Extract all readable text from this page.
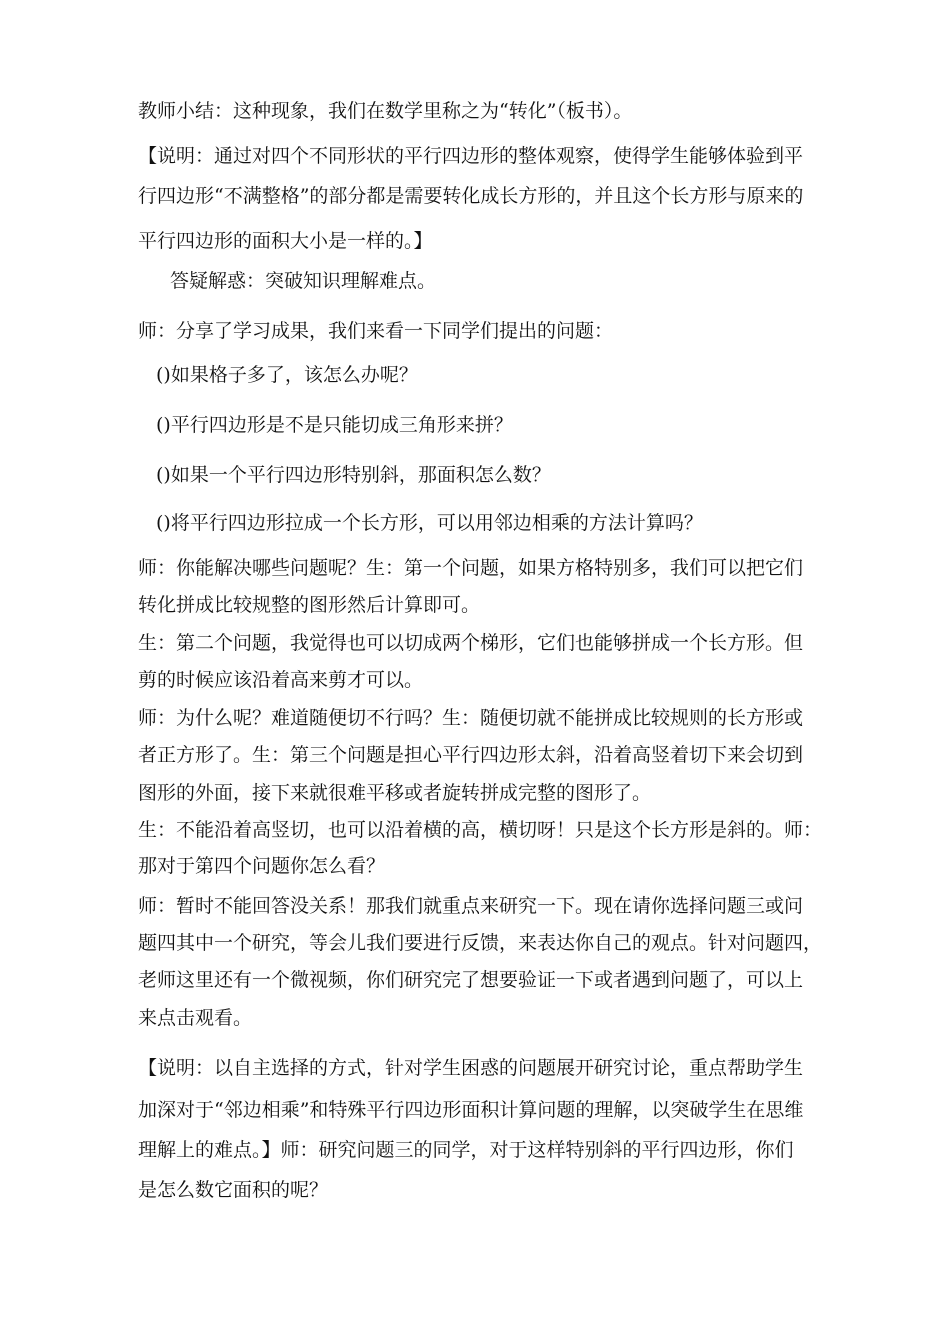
教师小结：这种现象，我们在数学里称之为“转化”（板书）。
【说明：通过对四个不同形状的平行四边形的整体观察，使得学生能够体验到平
行四边形“不满整格”的部分都是需要转化成长方形的，并且这个长方形与原来的
平行四边形的面积大小是一样的。】
答疑解惑：突破知识理解难点。
师：分享了学习成果，我们来看一下同学们提出的问题：
()如果格子多了，该怎么办呢？
()平行四边形是不是只能切成三角形来拼？
()如果一个平行四边形特别斜，那面积怎么数？
()将平行四边形拉成一个长方形，可以用邻边相乘的方法计算吗？
师：你能解决哪些问题呢？生：第一个问题，如果方格特别多，我们可以把它们
转化拼成比较规整的图形然后计算即可。
生：第二个问题，我觉得也可以切成两个梯形，它们也能够拼成一个长方形。但
剪的时候应该沿着高来剪才可以。
师：为什么呢？难道随便切不行吗？生：随便切就不能拼成比较规则的长方形或
者正方形了。生：第三个问题是担心平行四边形太斜，沿着高竖着切下来会切到
图形的外面，接下来就很难平移或者旋转拼成完整的图形了。
生：不能沿着高竖切，也可以沿着横的高，横切呀！只是这个长方形是斜的。师：
那对于第四个问题你怎么看？
师：暂时不能回答没关系！那我们就重点来研究一下。现在请你选择问题三或问
题四其中一个研究，等会儿我们要进行反馈，来表达你自己的观点。针对问题四，
老师这里还有一个微视频，你们研究完了想要验证一下或者遇到问题了，可以上
来点击观看。
【说明：以自主选择的方式，针对学生困惑的问题展开研究讨论，重点帮助学生
加深对于“邻边相乘”和特殊平行四边形面积计算问题的理解，以突破学生在思维
理解上的难点。】师：研究问题三的同学，对于这样特别斜的平行四边形，你们
是怎么数它面积的呢？
